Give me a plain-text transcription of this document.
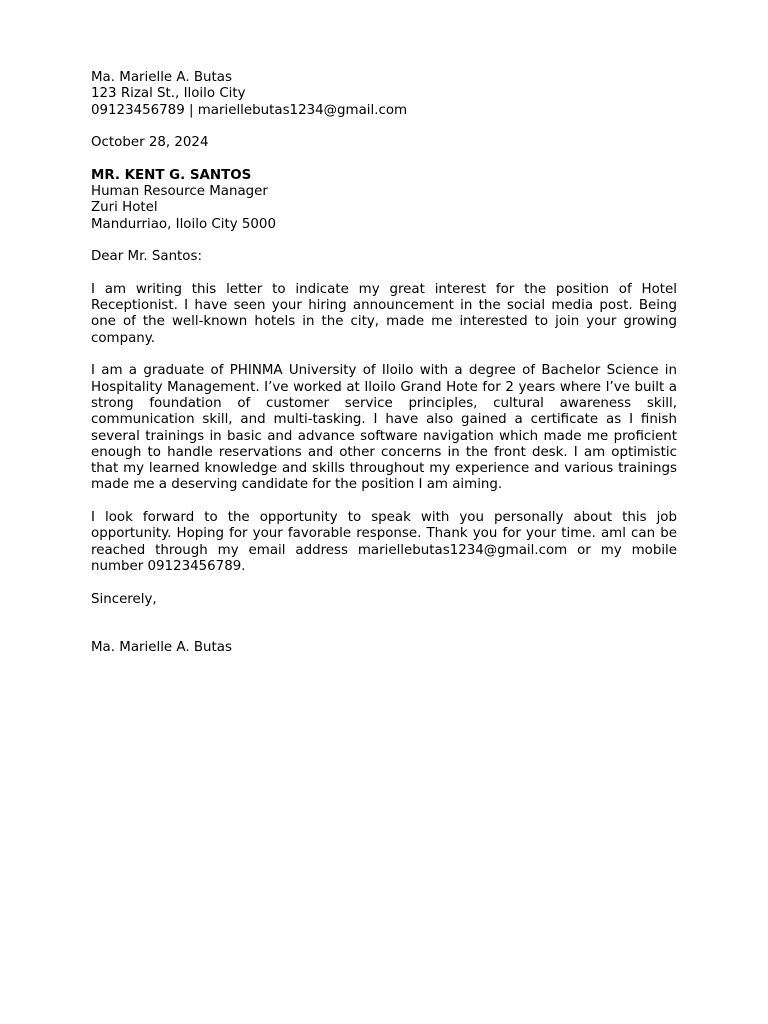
Ma. Marielle A. Butas
123 Rizal St., Iloilo City
09123456789 | mariellebutas1234@gmail.com
October 28, 2024
MR. KENT G. SANTOS
Human Resource Manager
Zuri Hotel
Mandurriao, Iloilo City 5000
Dear Mr. Santos:
I am writing this letter to indicate my great interest for the position of Hotel Receptionist. I have seen your hiring announcement in the social media post. Being one of the well-known hotels in the city, made me interested to join your growing company.
I am a graduate of PHINMA University of Iloilo with a degree of Bachelor Science in Hospitality Management. I’ve worked at Iloilo Grand Hote for 2 years where I’ve built a strong foundation of customer service principles, cultural awareness skill, communication skill, and multi-tasking. I have also gained a certificate as I finish several trainings in basic and advance software navigation which made me proficient enough to handle reservations and other concerns in the front desk. I am optimistic that my learned knowledge and skills throughout my experience and various trainings made me a deserving candidate for the position I am aiming.
I look forward to the opportunity to speak with you personally about this job opportunity. Hoping for your favorable response. Thank you for your time. aml can be reached through my email address mariellebutas1234@gmail.com or my mobile number 09123456789.
Sincerely,
Ma. Marielle A. Butas
